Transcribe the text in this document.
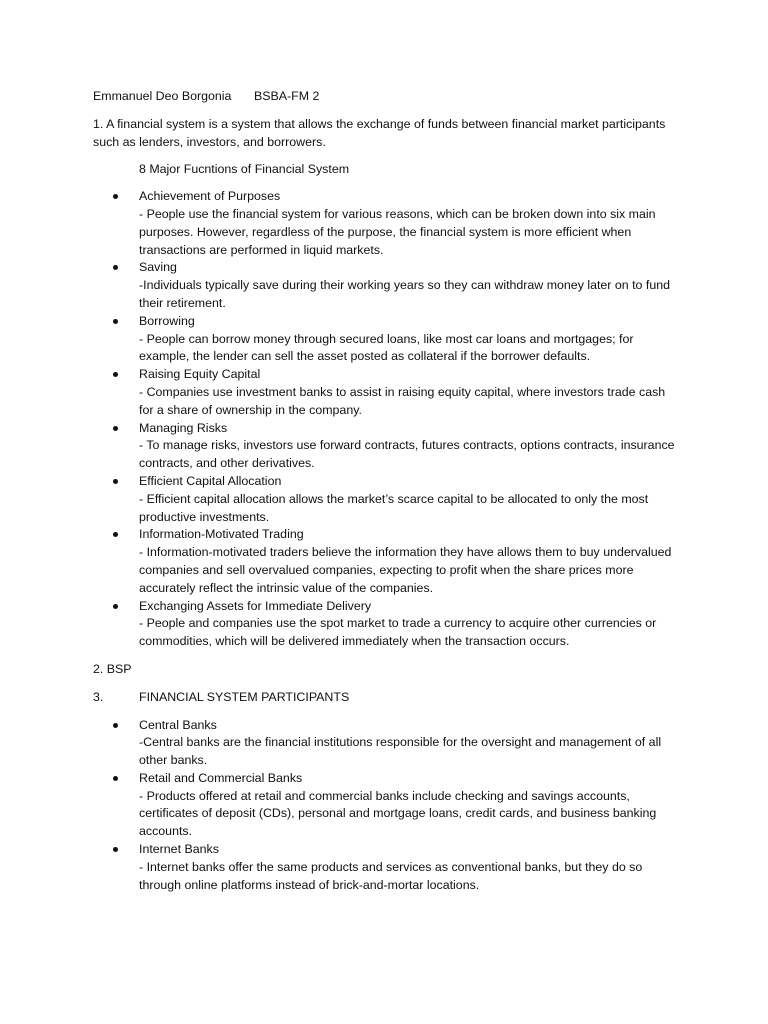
Emmanuel Deo Borgonia	BSBA-FM 2

1. A financial system is a system that allows the exchange of funds between financial market participants such as lenders, investors, and borrowers.

8 Major Fucntions of Financial System

Achievement of Purposes
- People use the financial system for various reasons, which can be broken down into six main purposes. However, regardless of the purpose, the financial system is more efficient when transactions are performed in liquid markets.
Saving
-Individuals typically save during their working years so they can withdraw money later on to fund their retirement.
Borrowing
- People can borrow money through secured loans, like most car loans and mortgages; for example, the lender can sell the asset posted as collateral if the borrower defaults.
Raising Equity Capital
- Companies use investment banks to assist in raising equity capital, where investors trade cash for a share of ownership in the company.
Managing Risks
- To manage risks, investors use forward contracts, futures contracts, options contracts, insurance contracts, and other derivatives.
Efficient Capital Allocation
- Efficient capital allocation allows the market’s scarce capital to be allocated to only the most productive investments.
Information-Motivated Trading
- Information-motivated traders believe the information they have allows them to buy undervalued companies and sell overvalued companies, expecting to profit when the share prices more accurately reflect the intrinsic value of the companies.
Exchanging Assets for Immediate Delivery
- People and companies use the spot market to trade a currency to acquire other currencies or commodities, which will be delivered immediately when the transaction occurs.

2. BSP

3.	FINANCIAL SYSTEM PARTICIPANTS
Central Banks
-Central banks are the financial institutions responsible for the oversight and management of all other banks.
Retail and Commercial Banks
- Products offered at retail and commercial banks include checking and savings accounts, certificates of deposit (CDs), personal and mortgage loans, credit cards, and business banking accounts.
Internet Banks
- Internet banks offer the same products and services as conventional banks, but they do so through online platforms instead of brick-and-mortar locations.
